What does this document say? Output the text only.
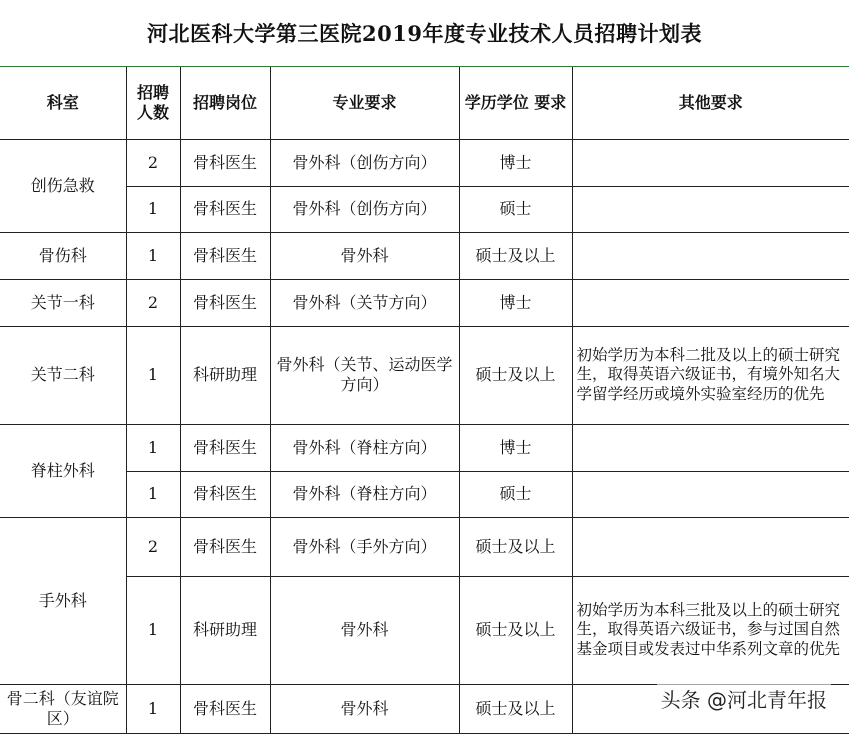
河北医科大学第三医院2019年度专业技术人员招聘计划表
科室	招聘人数	招聘岗位	专业要求	学历学位 要求	其他要求
创伤急救	2	骨科医生	骨外科（创伤方向）	博士	
	1	骨科医生	骨外科（创伤方向）	硕士	
骨伤科	1	骨科医生	骨外科	硕士及以上	
关节一科	2	骨科医生	骨外科（关节方向）	博士	
关节二科	1	科研助理	骨外科（关节、运动医学方向）	硕士及以上	初始学历为本科二批及以上的硕士研究生，取得英语六级证书，有境外知名大学留学经历或境外实验室经历的优先
脊柱外科	1	骨科医生	骨外科（脊柱方向）	博士	
	1	骨科医生	骨外科（脊柱方向）	硕士	
手外科	2	骨科医生	骨外科（手外方向）	硕士及以上	
	1	科研助理	骨外科	硕士及以上	初始学历为本科三批及以上的硕士研究生，取得英语六级证书，参与过国自然基金项目或发表过中华系列文章的优先
骨二科（友谊院区）	1	骨科医生	骨外科	硕士及以上		头条 @河北青年报
